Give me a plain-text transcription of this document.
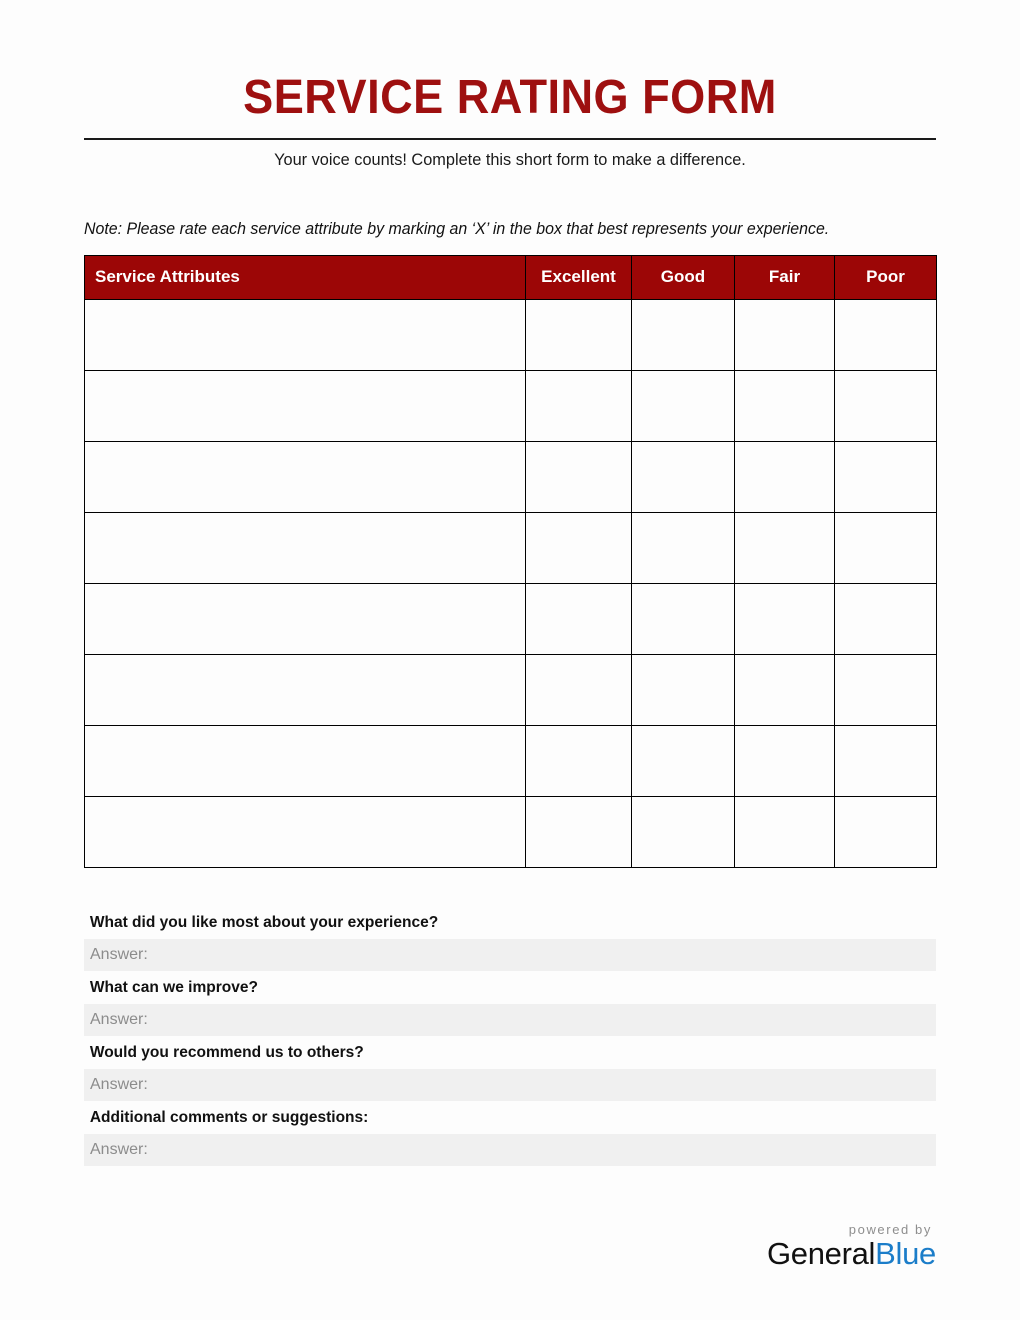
SERVICE RATING FORM

Your voice counts! Complete this short form to make a difference.

Note: Please rate each service attribute by marking an ‘X’ in the box that best represents your experience.

Service Attributes	Excellent	Good	Fair	Poor

What did you like most about your experience?
Answer:
What can we improve?
Answer:
Would you recommend us to others?
Answer:
Additional comments or suggestions:
Answer:
powered by
GeneralBlue
